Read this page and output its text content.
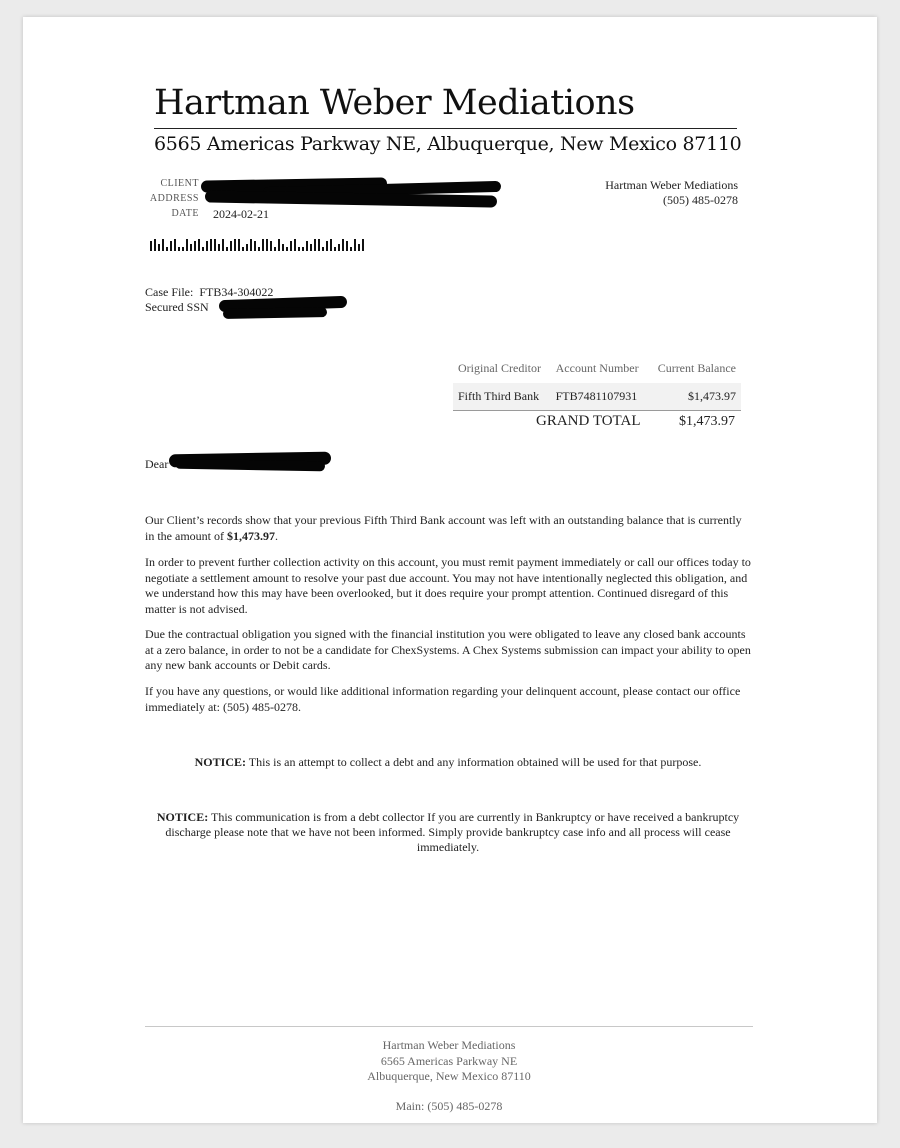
Hartman Weber Mediations
6565 Americas Parkway NE, Albuquerque, New Mexico 87110
CLIENT
ADDRESS
DATE 2024-02-21
Hartman Weber Mediations
(505) 485-0278
Case File: FTB34-304022
Secured SSN
Original Creditor	Account Number	Current Balance
Fifth Third Bank	FTB7481107931	$1,473.97
GRAND TOTAL	$1,473.97
Dear

Our Client’s records show that your previous Fifth Third Bank account was left with an outstanding balance that is currently in the amount of $1,473.97.

In order to prevent further collection activity on this account, you must remit payment immediately or call our offices today to negotiate a settlement amount to resolve your past due account. You may not have intentionally neglected this obligation, and we understand how this may have been overlooked, but it does require your prompt attention. Continued disregard of this matter is not advised.
Due the contractual obligation you signed with the financial institution you were obligated to leave any closed bank accounts at a zero balance, in order to not be a candidate for ChexSystems. A Chex Systems submission can impact your ability to open any new bank accounts or Debit cards.
If you have any questions, or would like additional information regarding your delinquent account, please contact our office immediately at: (505) 485-0278.
NOTICE: This is an attempt to collect a debt and any information obtained will be used for that purpose.
NOTICE: This communication is from a debt collector If you are currently in Bankruptcy or have received a bankruptcy discharge please note that we have not been informed. Simply provide bankruptcy case info and all process will cease immediately.
Hartman Weber Mediations
6565 Americas Parkway NE
Albuquerque, New Mexico 87110
Main: (505) 485-0278
